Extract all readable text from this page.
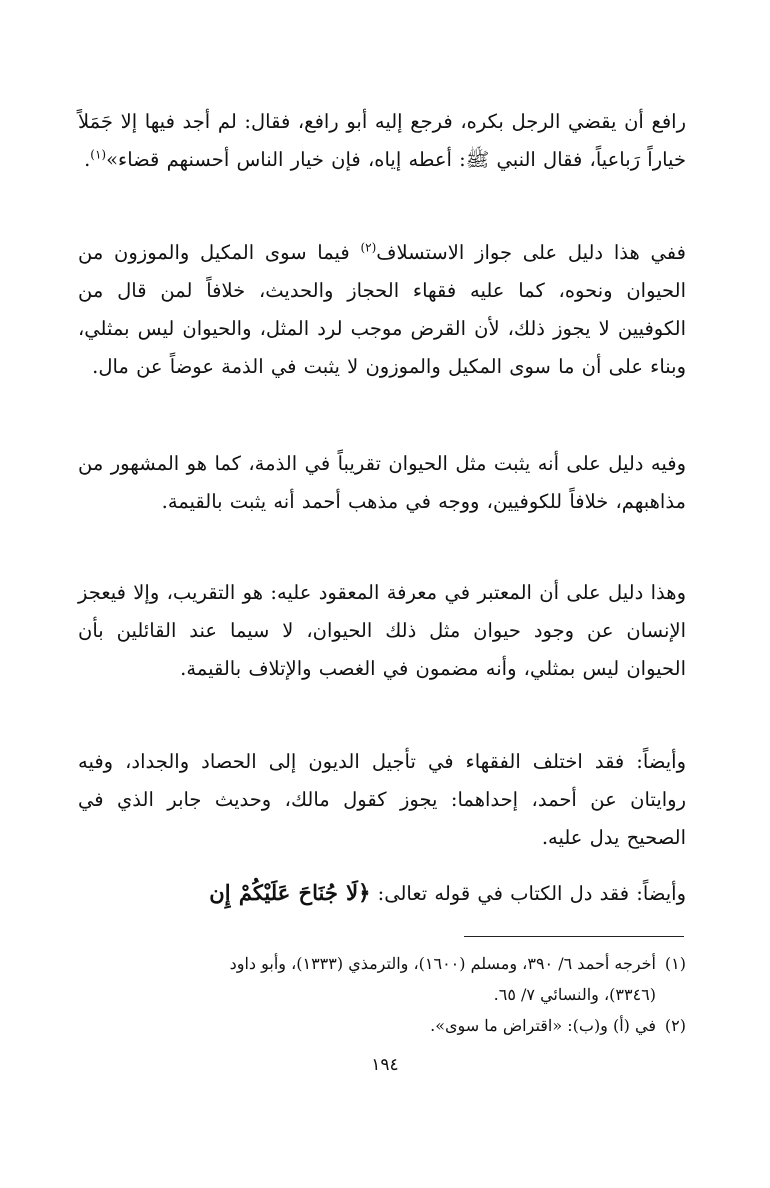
رافع أن يقضي الرجل بكره، فرجع إليه أبو رافع، فقال: لم أجد فيها إلا جَمَلاً خياراً رَباعياً، فقال النبي ﷺ: أعطه إياه، فإن خيار الناس أحسنهم قضاء»$^{(١)}$.
ففي هذا دليل على جواز الاستسلاف$^{(٢)}$ فيما سوى المكيل والموزون من الحيوان ونحوه، كما عليه فقهاء الحجاز والحديث، خلافاً لمن قال من الكوفيين لا يجوز ذلك، لأن القرض موجب لرد المثل، والحيوان ليس بمثلي، وبناء على أن ما سوى المكيل والموزون لا يثبت في الذمة عوضاً عن مال.
وفيه دليل على أنه يثبت مثل الحيوان تقريباً في الذمة، كما هو المشهور من مذاهبهم، خلافاً للكوفيين، ووجه في مذهب أحمد أنه يثبت بالقيمة.
وهذا دليل على أن المعتبر في معرفة المعقود عليه: هو التقريب، وإلا فيعجز الإنسان عن وجود حيوان مثل ذلك الحيوان، لا سيما عند القائلين بأن الحيوان ليس بمثلي، وأنه مضمون في الغصب والإتلاف بالقيمة.
وأيضاً: فقد اختلف الفقهاء في تأجيل الديون إلى الحصاد والجداد، وفيه روايتان عن أحمد، إحداهما: يجوز كقول مالك، وحديث جابر الذي في الصحيح يدل عليه.
وأيضاً: فقد دل الكتاب في قوله تعالى: ﴿لَا جُنَاحَ عَلَيْكُمْ إِن

(١)أخرجه أحمد ٦/ ٣٩٠، ومسلم (١٦٠٠)، والترمذي (١٣٣٣)، وأبو داود

(٣٣٤٦)، والنسائي ٧/ ٦٥.

(٢)في (أ) و(ب): «اقتراض ما سوى».

١٩٤
